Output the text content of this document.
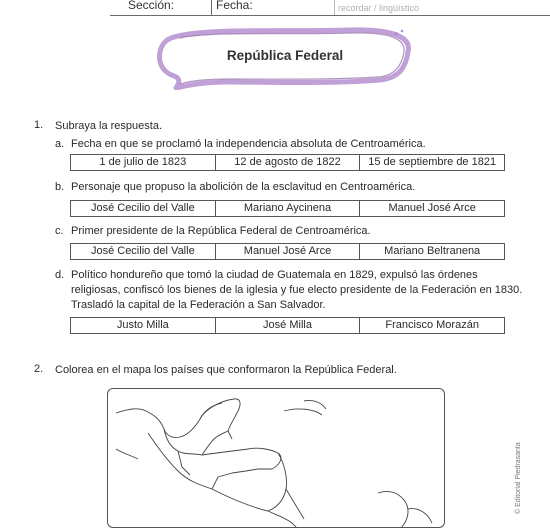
Sección:	Fecha:	recordar / lingüístico
República Federal
1. Subraya la respuesta.
a. Fecha en que se proclamó la independencia absoluta de Centroamérica.
1 de julio de 1823	12 de agosto de 1822	15 de septiembre de 1821
b. Personaje que propuso la abolición de la esclavitud en Centroamérica.
José Cecilio del Valle	Mariano Aycinena	Manuel José Arce
c. Primer presidente de la República Federal de Centroamérica.
José Cecilio del Valle	Manuel José Arce	Mariano Beltranena
d. Político hondureño que tomó la ciudad de Guatemala en 1829, expulsó las órdenes
religiosas, confiscó los bienes de la iglesia y fue electo presidente de la Federación en 1830.
Trasladó la capital de la Federación a San Salvador.
Justo Milla	José Milla	Francisco Morazán
2. Colorea en el mapa los países que conformaron la República Federal.
© Editorial Piedrasanta
